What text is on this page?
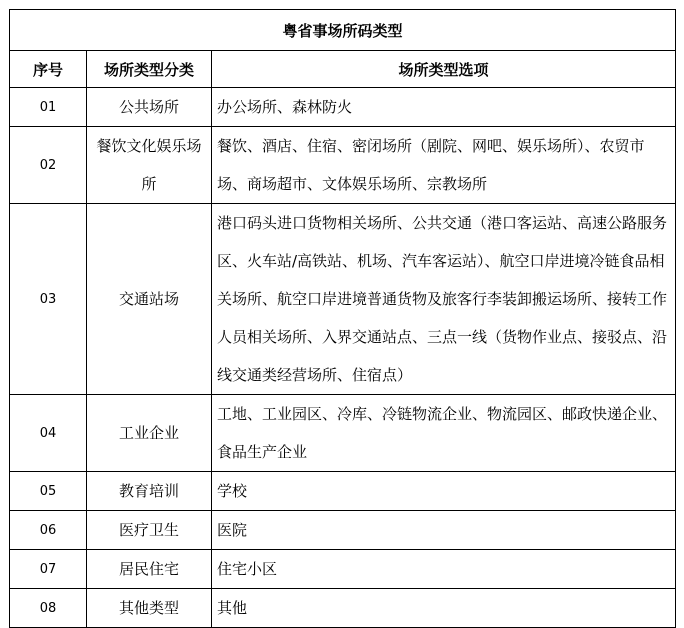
粤省事场所码类型		
序号	场所类型分类	场所类型选项
01	公共场所	办公场所、森林防火
02	餐饮文化娱乐场所	餐饮、酒店、住宿、密闭场所（剧院、网吧、娱乐场所）、农贸市场、商场超市、文体娱乐场所、宗教场所
03	交通站场	港口码头进口货物相关场所、公共交通（港口客运站、高速公路服务区、火车站/高铁站、机场、汽车客运站）、航空口岸进境冷链食品相关场所、航空口岸进境普通货物及旅客行李装卸搬运场所、接转工作人员相关场所、入界交通站点、三点一线（货物作业点、接驳点、沿线交通类经营场所、住宿点）
04	工业企业	工地、工业园区、冷库、冷链物流企业、物流园区、邮政快递企业、食品生产企业
05	教育培训	学校
06	医疗卫生	医院
07	居民住宅	住宅小区
08	其他类型	其他
